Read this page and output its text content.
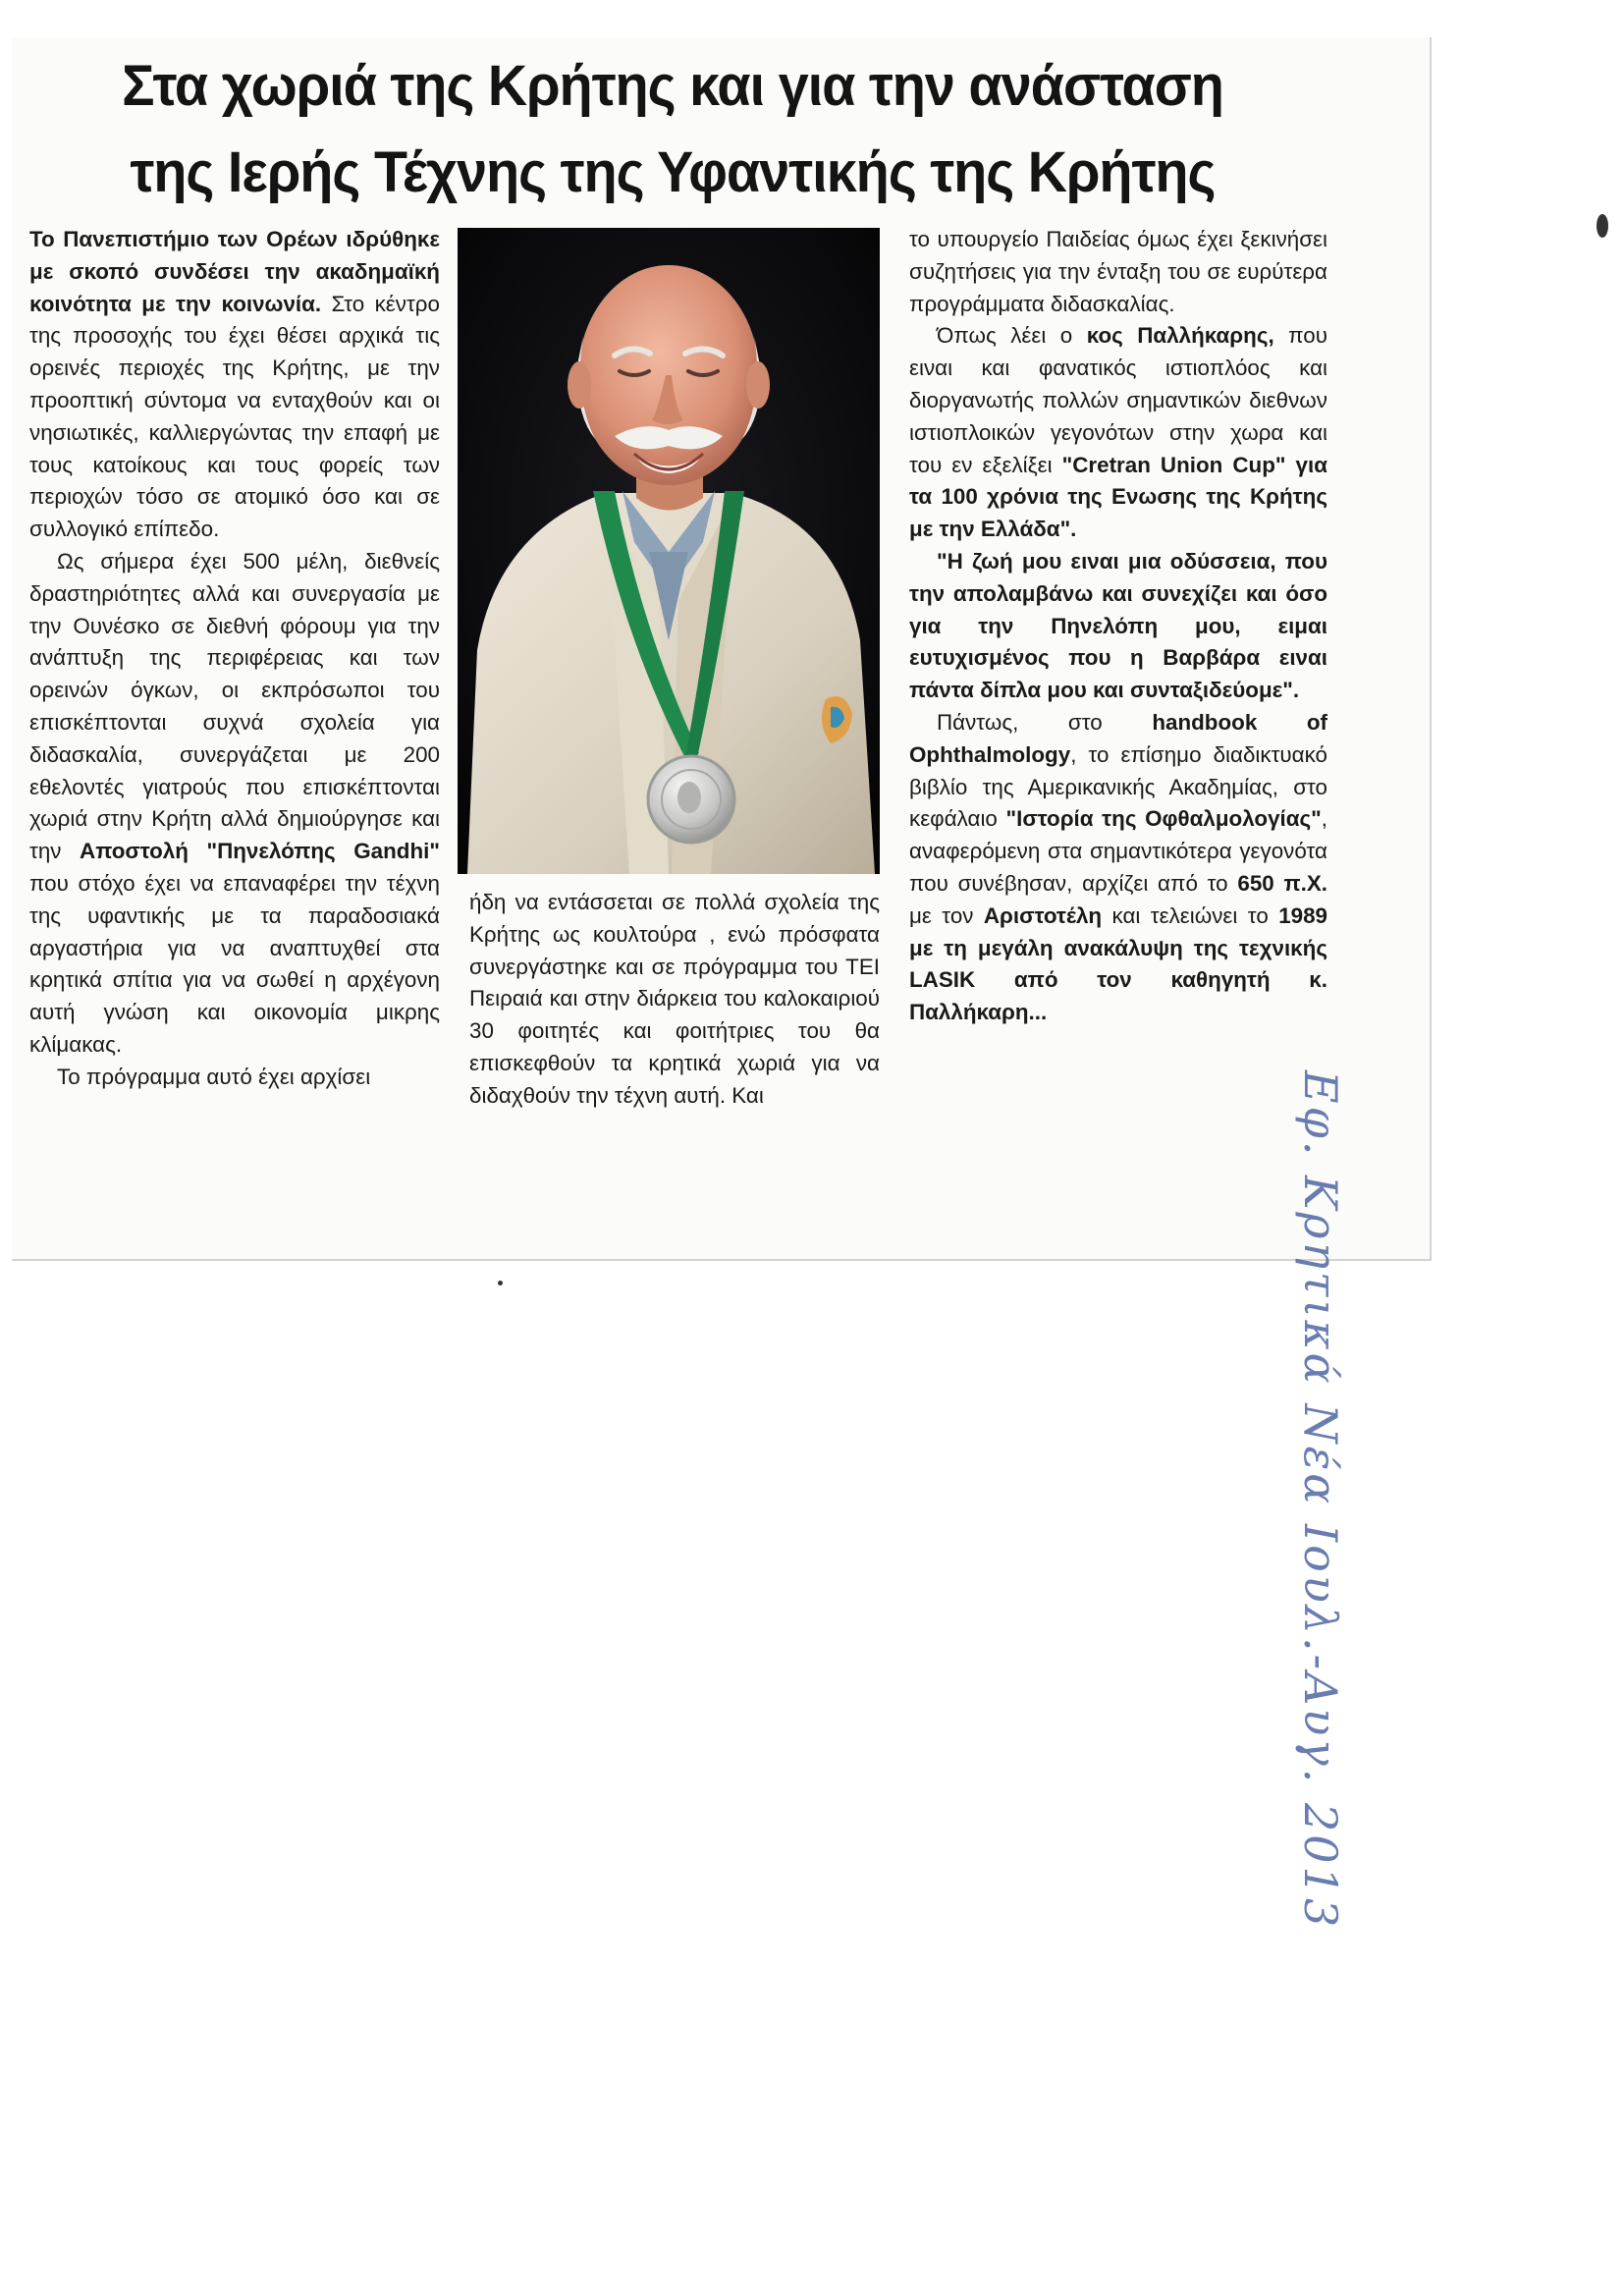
Στα χωριά της Κρήτης και για την ανάσταση
της Ιερής Τέχνης της Υφαντικής της Κρήτης

Το Πανεπιστήμιο των Ορέων ιδρύθηκε με σκοπό συνδέσει την ακαδημαϊκή κοινότητα με την κοινωνία. Στο κέντρο της προσοχής του έχει θέσει αρχικά τις ορεινές περιοχές της Κρήτης, με την προοπτική σύντομα να ενταχθούν και οι νησιωτικές, καλλιεργώντας την επαφή με τους κατοίκους και τους φορείς των περιοχών τόσο σε ατομικό όσο και σε συλλογικό επίπεδο.

Ως σήμερα έχει 500 μέλη, διεθνείς δραστηριότητες αλλά και συνεργασία με την Ουνέσκο σε διεθνή φόρουμ για την ανάπτυξη της περιφέρειας και των ορεινών όγκων, οι εκπρόσωποι του επισκέπτονται συχνά σχολεία για διδασκαλία, συνεργάζεται με 200 εθελοντές γιατρούς που επισκέπτονται χωριά στην Κρήτη αλλά δημιούργησε και την Αποστολή "Πηνελόπης Gandhi" που στόχο έχει να επαναφέρει την τέχνη της υφαντικής με τα παραδοσιακά αργαστήρια για να αναπτυχθεί στα κρητικά σπίτια για να σωθεί η αρχέγονη αυτή γνώση και οικονομία μικρης κλίμακας.

Το πρόγραμμα αυτό έχει αρχίσει

ήδη να εντάσσεται σε πολλά σχολεία της Κρήτης ως κουλτούρα , ενώ πρόσφατα συνεργάστηκε και σε πρόγραμμα του ΤΕΙ Πειραιά και στην διάρκεια του καλοκαιριού 30 φοιτητές και φοιτήτριες του θα επισκεφθούν τα κρητικά χωριά για να διδαχθούν την τέχνη αυτή. Και

το υπουργείο Παιδείας όμως έχει ξεκινήσει συζητήσεις για την ένταξη του σε ευρύτερα προγράμματα διδασκαλίας.

Όπως λέει ο κος Παλλήκαρης, που ειναι και φανατικός ιστιοπλόος και διοργανωτής πολλών σημαντικών διεθνων ιστιοπλοικών γεγονότων στην χωρα και του εν εξελίξει "Cretran Union Cup" για τα 100 χρόνια της Ενωσης της Κρήτης με την Ελλάδα".

"Η ζωή μου ειναι μια οδύσσεια, που την απολαμβάνω και συνεχίζει και όσο για την Πηνελόπη μου, ειμαι ευτυχισμένος που η Βαρβάρα ειναι πάντα δίπλα μου και συνταξιδεύομε".

Πάντως, στο handbook of Ophthalmology, το επίσημο διαδικτυακό βιβλίο της Αμερικανικής Ακαδημίας, στο κεφάλαιο "Ιστορία της Οφθαλμολογίας", αναφερόμενη στα σημαντικότερα γεγονότα που συνέβησαν, αρχίζει από το 650 π.Χ. με τον Αριστοτέλη και τελειώνει το 1989 με τη μεγάλη ανακάλυψη της τεχνικής LASIK από τον καθηγητή κ. Παλλήκαρη...

Εφ. Κρητικά Νέα Ιουλ.-Αυγ. 2013
